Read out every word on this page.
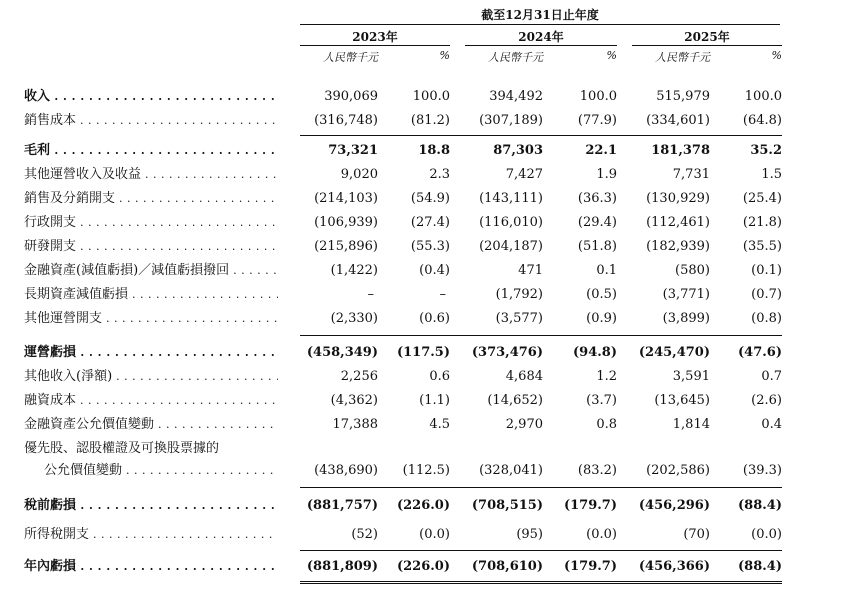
截至12月31日止年度
2023年	2024年	2025年
人民幣千元	%	人民幣千元	%	人民幣千元	%
收入 . . .	390,069	100.0	394,492	100.0	515,979	100.0
銷售成本 . . .	(316,748)	(81.2)	(307,189)	(77.9)	(334,601)	(64.8)
毛利 . . .	73,321	18.8	87,303	22.1	181,378	35.2
其他運營收入及收益 . . .	9,020	2.3	7,427	1.9	7,731	1.5
銷售及分銷開支 . . .	(214,103)	(54.9)	(143,111)	(36.3)	(130,929)	(25.4)
行政開支 . . .	(106,939)	(27.4)	(116,010)	(29.4)	(112,461)	(21.8)
研發開支 . . .	(215,896)	(55.3)	(204,187)	(51.8)	(182,939)	(35.5)
金融資產(減值虧損)／減值虧損撥回 . . .	(1,422)	(0.4)	471	0.1	(580)	(0.1)
長期資產減值虧損 . . .	–	–	(1,792)	(0.5)	(3,771)	(0.7)
其他運營開支 . . .	(2,330)	(0.6)	(3,577)	(0.9)	(3,899)	(0.8)
運營虧損 . . .	(458,349)	(117.5)	(373,476)	(94.8)	(245,470)	(47.6)
其他收入(淨額) . . .	2,256	0.6	4,684	1.2	3,591	0.7
融資成本 . . .	(4,362)	(1.1)	(14,652)	(3.7)	(13,645)	(2.6)
金融資產公允價值變動 . . .	17,388	4.5	2,970	0.8	1,814	0.4
優先股、認股權證及可換股票據的
公允價值變動 . . .	(438,690)	(112.5)	(328,041)	(83.2)	(202,586)	(39.3)
稅前虧損 . . .	(881,757)	(226.0)	(708,515)	(179.7)	(456,296)	(88.4)
所得稅開支 . . .	(52)	(0.0)	(95)	(0.0)	(70)	(0.0)
年內虧損 . . .	(881,809)	(226.0)	(708,610)	(179.7)	(456,366)	(88.4)
